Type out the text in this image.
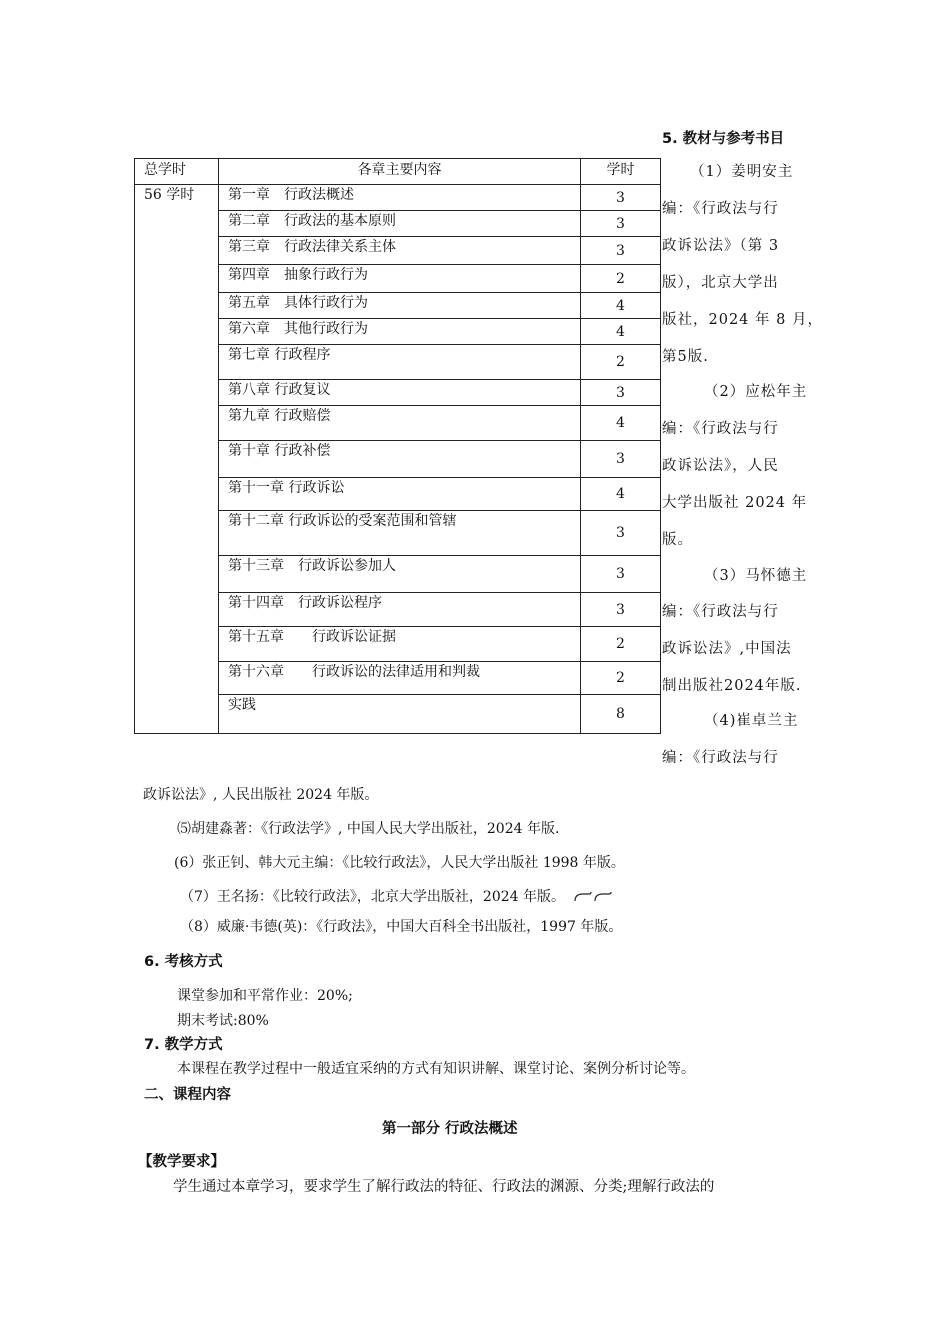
5. 教材与参考书目
总学时	各章主要内容	学时
56 学时	第一章　行政法概述	3
	第二章　行政法的基本原则	3
	第三章　行政法律关系主体	3
	第四章　抽象行政行为	2
	第五章　具体行政行为	4
	第六章　其他行政行为	4
	第七章 行政程序	2
	第八章 行政复议	3
	第九章 行政赔偿	4
	第十章 行政补偿	3
	第十一章 行政诉讼	4
	第十二章 行政诉讼的受案范围和管辖	3
	第十三章　行政诉讼参加人	3
	第十四章　行政诉讼程序	3
	第十五章　　行政诉讼证据	2
	第十六章　　行政诉讼的法律适用和判裁	2
	实践	8
（1）姜明安主
编：《行政法与行
政诉讼法》（第 3
版），北京大学出
版社，2024 年 8 月，
第5版.
（2）应松年主
编：《行政法与行
政诉讼法》，人民
大学出版社 2024 年
版。
（3）马怀德主
编：《行政法与行
政诉讼法》,中国法
制出版社2024年版.
（4)崔卓兰主
编：《行政法与行
政诉讼法》, 人民出版社 2024 年版。
⑸胡建淼著：《行政法学》, 中国人民大学出版社，2024 年版.
(6）张正钊、韩大元主编：《比较行政法》，人民大学出版社 1998 年版。
（7）王名扬：《比较行政法》，北京大学出版社，2024 年版。
（8）威廉·韦德(英)：《行政法》，中国大百科全书出版社，1997 年版。
6. 考核方式
课堂参加和平常作业：20%;
期末考试:80%
7. 教学方式
本课程在教学过程中一般适宜采纳的方式有知识讲解、课堂讨论、案例分析讨论等。
二、课程内容
第一部分 行政法概述
【教学要求】
学生通过本章学习，要求学生了解行政法的特征、行政法的渊源、分类;理解行政法的
